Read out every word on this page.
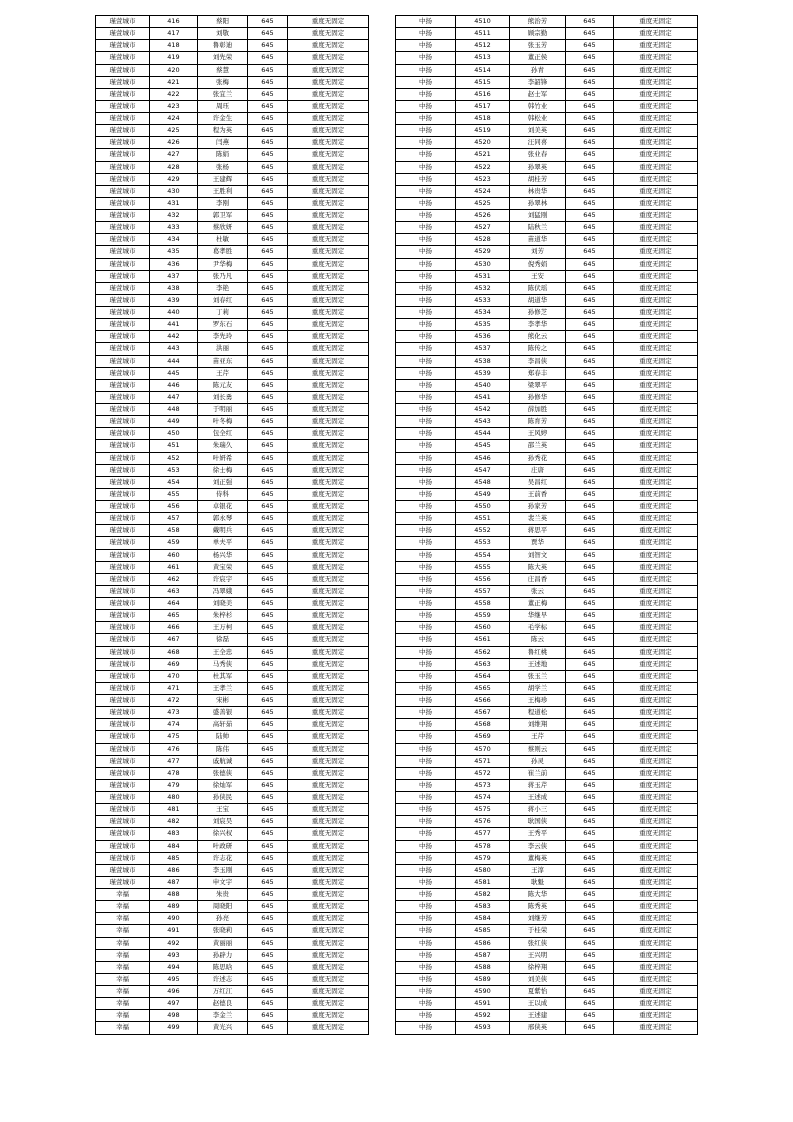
瑾萱城市	416	蔡阳	645	重度无固定
瑾萱城市	417	刘敬	645	重度无固定
瑾萱城市	418	鲁彰迪	645	重度无固定
瑾萱城市	419	刘先荣	645	重度无固定
瑾萱城市	420	蔡慧	645	重度无固定
瑾萱城市	421	张梅	645	重度无固定
瑾萱城市	422	张宜兰	645	重度无固定
瑾萱城市	423	周珏	645	重度无固定
瑾萱城市	424	许金生	645	重度无固定
瑾萱城市	425	程为英	645	重度无固定
瑾萱城市	426	闫燕	645	重度无固定
瑾萱城市	427	陈娟	645	重度无固定
瑾萱城市	428	张杨	645	重度无固定
瑾萱城市	429	王建辉	645	重度无固定
瑾萱城市	430	王胜利	645	重度无固定
瑾萱城市	431	李刚	645	重度无固定
瑾萱城市	432	郭卫军	645	重度无固定
瑾萱城市	433	蔡欣妍	645	重度无固定
瑾萱城市	434	杜敏	645	重度无固定
瑾萱城市	435	葛孝胜	645	重度无固定
瑾萱城市	436	尹华梅	645	重度无固定
瑾萱城市	437	张乃凡	645	重度无固定
瑾萱城市	438	李艳	645	重度无固定
瑾萱城市	439	刘春红	645	重度无固定
瑾萱城市	440	丁莉	645	重度无固定
瑾萱城市	441	罗东石	645	重度无固定
瑾萱城市	442	李先玲	645	重度无固定
瑾萱城市	443	洪丽	645	重度无固定
瑾萱城市	444	苗亚东	645	重度无固定
瑾萱城市	445	王芹	645	重度无固定
瑾萱城市	446	陈元友	645	重度无固定
瑾萱城市	447	刘长勇	645	重度无固定
瑾萱城市	448	于明丽	645	重度无固定
瑾萱城市	449	叶冬梅	645	重度无固定
瑾萱城市	450	包全红	645	重度无固定
瑾萱城市	451	朱瑞久	645	重度无固定
瑾萱城市	452	叶妍希	645	重度无固定
瑾萱城市	453	徐士梅	645	重度无固定
瑾萱城市	454	刘正强	645	重度无固定
瑾萱城市	455	侍科	645	重度无固定
瑾萱城市	456	卓银花	645	重度无固定
瑾萱城市	457	郭永琴	645	重度无固定
瑾萱城市	458	戴明兵	645	重度无固定
瑾萱城市	459	单夫平	645	重度无固定
瑾萱城市	460	杨兴华	645	重度无固定
瑾萱城市	461	黄宝荣	645	重度无固定
瑾萱城市	462	许宸宇	645	重度无固定
瑾萱城市	463	冯翠娥	645	重度无固定
瑾萱城市	464	刘晓美	645	重度无固定
瑾萱城市	465	朱梓杉	645	重度无固定
瑾萱城市	466	王万柯	645	重度无固定
瑾萱城市	467	徐磊	645	重度无固定
瑾萱城市	468	王全忠	645	重度无固定
瑾萱城市	469	马秀侠	645	重度无固定
瑾萱城市	470	杜其军	645	重度无固定
瑾萱城市	471	王孝兰	645	重度无固定
瑾萱城市	472	宋彬	645	重度无固定
瑾萱城市	473	盛善银	645	重度无固定
瑾萱城市	474	高轩茹	645	重度无固定
瑾萱城市	475	陆帅	645	重度无固定
瑾萱城市	476	陈伟	645	重度无固定
瑾萱城市	477	戚航诚	645	重度无固定
瑾萱城市	478	张德侠	645	重度无固定
瑾萱城市	479	徐灿军	645	重度无固定
瑾萱城市	480	孙侠民	645	重度无固定
瑾萱城市	481	王宝	645	重度无固定
瑾萱城市	482	刘宸昊	645	重度无固定
瑾萱城市	483	徐兴权	645	重度无固定
瑾萱城市	484	叶政研	645	重度无固定
瑾萱城市	485	许志花	645	重度无固定
瑾萱城市	486	李玉刚	645	重度无固定
瑾萱城市	487	申文宇	645	重度无固定
幸福	488	朱贵	645	重度无固定
幸福	489	周晓阳	645	重度无固定
幸福	490	孙亮	645	重度无固定
幸福	491	张晓莉	645	重度无固定
幸福	492	黄丽丽	645	重度无固定
幸福	493	孙辟力	645	重度无固定
幸福	494	陈思晗	645	重度无固定
幸福	495	许述志	645	重度无固定
幸福	496	万红江	645	重度无固定
幸福	497	赵德良	645	重度无固定
幸福	498	李金兰	645	重度无固定
幸福	499	黄光兴	645	重度无固定
中扬	4510	熊治芳	645	重度无固定
中扬	4511	顾宗勤	645	重度无固定
中扬	4512	张玉芳	645	重度无固定
中扬	4513	董正侯	645	重度无固定
中扬	4514	孙青	645	重度无固定
中扬	4515	李韶锋	645	重度无固定
中扬	4516	赵士军	645	重度无固定
中扬	4517	韩竹业	645	重度无固定
中扬	4518	韩松业	645	重度无固定
中扬	4519	刘美英	645	重度无固定
中扬	4520	汪同喜	645	重度无固定
中扬	4521	张业春	645	重度无固定
中扬	4522	孙翠英	645	重度无固定
中扬	4523	胡桂芳	645	重度无固定
中扬	4524	林贵华	645	重度无固定
中扬	4525	孙翠林	645	重度无固定
中扬	4526	刘猛刚	645	重度无固定
中扬	4527	陆秋兰	645	重度无固定
中扬	4528	苗道华	645	重度无固定
中扬	4529	刘芳	645	重度无固定
中扬	4530	倪秀娟	645	重度无固定
中扬	4531	王安	645	重度无固定
中扬	4532	陈伏瑶	645	重度无固定
中扬	4533	胡道华	645	重度无固定
中扬	4534	孙修芝	645	重度无固定
中扬	4535	李孝华	645	重度无固定
中扬	4536	熊化云	645	重度无固定
中扬	4537	陈传之	645	重度无固定
中扬	4538	李昌侠	645	重度无固定
中扬	4539	郑春丰	645	重度无固定
中扬	4540	梁翠平	645	重度无固定
中扬	4541	孙修华	645	重度无固定
中扬	4542	薛加胜	645	重度无固定
中扬	4543	陈育芳	645	重度无固定
中扬	4544	王风婷	645	重度无固定
中扬	4545	邵兰英	645	重度无固定
中扬	4546	孙秀花	645	重度无固定
中扬	4547	庄唐	645	重度无固定
中扬	4548	吴昌红	645	重度无固定
中扬	4549	王前香	645	重度无固定
中扬	4550	孙家芳	645	重度无固定
中扬	4551	裴兰英	645	重度无固定
中扬	4552	蒋思平	645	重度无固定
中扬	4553	贾华	645	重度无固定
中扬	4554	刘智文	645	重度无固定
中扬	4555	陈大英	645	重度无固定
中扬	4556	庄昌香	645	重度无固定
中扬	4557	张云	645	重度无固定
中扬	4558	董正梅	645	重度无固定
中扬	4559	华继早	645	重度无固定
中扬	4560	毛学标	645	重度无固定
中扬	4561	陈云	645	重度无固定
中扬	4562	鲁红桃	645	重度无固定
中扬	4563	王述地	645	重度无固定
中扬	4564	张玉兰	645	重度无固定
中扬	4565	胡学兰	645	重度无固定
中扬	4566	王梅珍	645	重度无固定
中扬	4567	程道松	645	重度无固定
中扬	4568	刘维翔	645	重度无固定
中扬	4569	王芹	645	重度无固定
中扬	4570	蔡则云	645	重度无固定
中扬	4571	孙灵	645	重度无固定
中扬	4572	崔兰前	645	重度无固定
中扬	4573	蒋玉芹	645	重度无固定
中扬	4574	王述成	645	重度无固定
中扬	4575	蒋小三	645	重度无固定
中扬	4576	耿国侠	645	重度无固定
中扬	4577	王秀平	645	重度无固定
中扬	4578	李云侠	645	重度无固定
中扬	4579	董梅英	645	重度无固定
中扬	4580	王淳	645	重度无固定
中扬	4581	耿魁	645	重度无固定
中扬	4582	陈大华	645	重度无固定
中扬	4583	陈秀英	645	重度无固定
中扬	4584	刘继芳	645	重度无固定
中扬	4585	于桂荣	645	重度无固定
中扬	4586	张红侠	645	重度无固定
中扬	4587	王兴明	645	重度无固定
中扬	4588	徐梓翔	645	重度无固定
中扬	4589	刘美侠	645	重度无固定
中扬	4590	夏紫怡	645	重度无固定
中扬	4591	王以成	645	重度无固定
中扬	4592	王述建	645	重度无固定
中扬	4593	邢侠英	645	重度无固定
